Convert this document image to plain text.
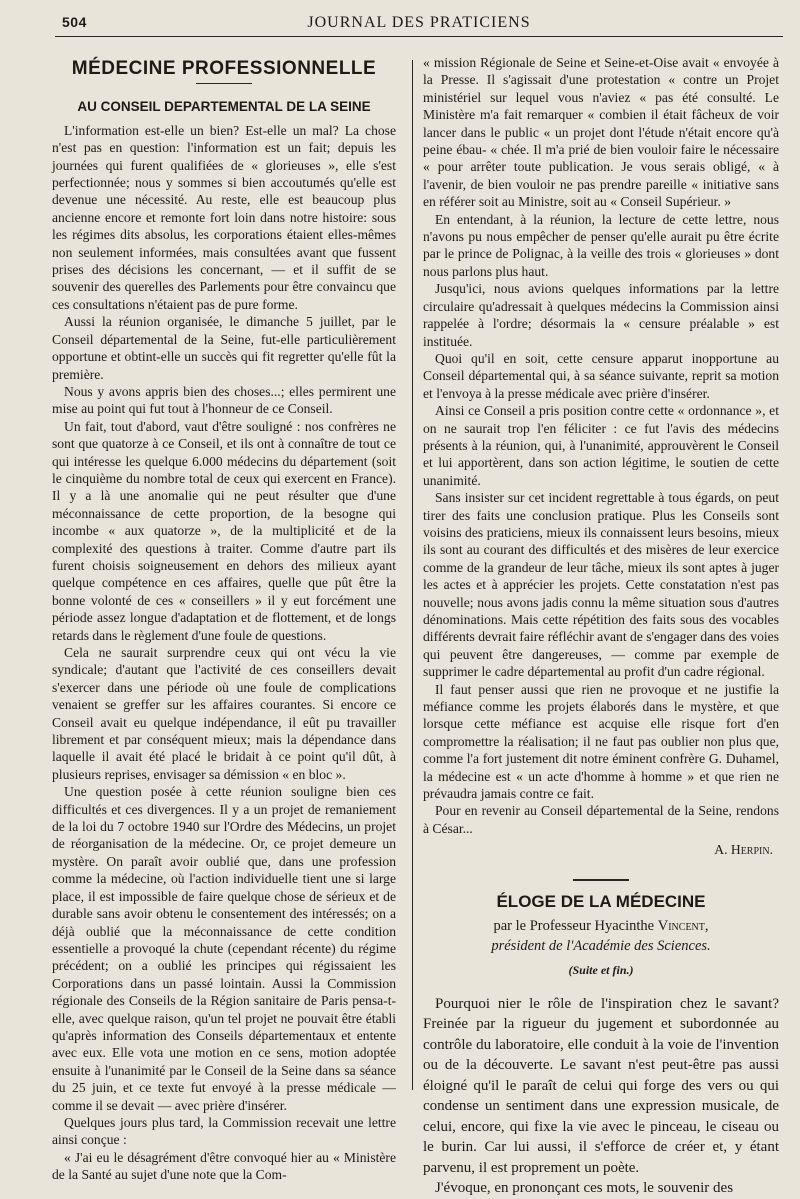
504	JOURNAL DES PRATICIENS
MÉDECINE PROFESSIONNELLE
AU CONSEIL DEPARTEMENTAL DE LA SEINE

L'information est-elle un bien? Est-elle un mal? La chose n'est pas en question: l'information est un fait; depuis les journées qui furent qualifiées de « glorieuses », elle s'est perfectionnée; nous y sommes si bien accoutumés qu'elle est devenue une nécessité. Au reste, elle est beaucoup plus ancienne encore et remonte fort loin dans notre histoire: sous les régimes dits absolus, les corporations étaient elles-mêmes non seulement informées, mais consultées avant que fussent prises des décisions les concernant, — et il suffit de se souvenir des querelles des Parlements pour être convaincu que ces consultations n'étaient pas de pure forme.

Aussi la réunion organisée, le dimanche 5 juillet, par le Conseil départemental de la Seine, fut-elle particulièrement opportune et obtint-elle un succès qui fit regretter qu'elle fût la première.

Nous y avons appris bien des choses...; elles permirent une mise au point qui fut tout à l'honneur de ce Conseil.

Un fait, tout d'abord, vaut d'être souligné : nos confrères ne sont que quatorze à ce Conseil, et ils ont à connaître de tout ce qui intéresse les quelque 6.000 médecins du département (soit le cinquième du nombre total de ceux qui exercent en France). Il y a là une anomalie qui ne peut résulter que d'une méconnaissance de cette proportion, de la besogne qui incombe « aux quatorze », de la multiplicité et de la complexité des questions à traiter. Comme d'autre part ils furent choisis soigneusement en dehors des milieux ayant quelque compétence en ces affaires, quelle que pût être la bonne volonté de ces « conseillers » il y eut forcément une période assez longue d'adaptation et de flottement, et de longs retards dans le règlement d'une foule de questions.

Cela ne saurait surprendre ceux qui ont vécu la vie syndicale; d'autant que l'activité de ces conseillers devait s'exercer dans une période où une foule de complications venaient se greffer sur les affaires courantes. Si encore ce Conseil avait eu quelque indépendance, il eût pu travailler librement et par conséquent mieux; mais la dépendance dans laquelle il avait été placé le bridait à ce point qu'il dût, à plusieurs reprises, envisager sa démission « en bloc ».

Une question posée à cette réunion souligne bien ces difficultés et ces divergences. Il y a un projet de remaniement de la loi du 7 octobre 1940 sur l'Ordre des Médecins, un projet de réorganisation de la médecine. Or, ce projet demeure un mystère. On paraît avoir oublié que, dans une profession comme la médecine, où l'action individuelle tient une si large place, il est impossible de faire quelque chose de sérieux et de durable sans avoir obtenu le consentement des intéressés; on a déjà oublié que la méconnaissance de cette condition essentielle a provoqué la chute (cependant récente) du régime précédent; on a oublié les principes qui régissaient les Corporations dans un passé lointain. Aussi la Commission régionale des Conseils de la Région sanitaire de Paris pensa-t-elle, avec quelque raison, qu'un tel projet ne pouvait être établi qu'après information des Conseils départementaux et entente avec eux. Elle vota une motion en ce sens, motion adoptée ensuite à l'unanimité par le Conseil de la Seine dans sa séance du 25 juin, et ce texte fut envoyé à la presse médicale — comme il se devait — avec prière d'insérer.

Quelques jours plus tard, la Commission recevait une lettre ainsi conçue :

« J'ai eu le désagrément d'être convoqué hier au « Ministère de la Santé au sujet d'une note que la Com-

« mission Régionale de Seine et Seine-et-Oise avait « envoyée à la Presse. Il s'agissait d'une protestation « contre un Projet ministériel sur lequel vous n'aviez « pas été consulté. Le Ministère m'a fait remarquer « combien il était fâcheux de voir lancer dans le public « un projet dont l'étude n'était encore qu'à peine ébau- « chée. Il m'a prié de bien vouloir faire le nécessaire « pour arrêter toute publication. Je vous serais obligé, « à l'avenir, de bien vouloir ne pas prendre pareille « initiative sans en référer soit au Ministre, soit au « Conseil Supérieur. »

En entendant, à la réunion, la lecture de cette lettre, nous n'avons pu nous empêcher de penser qu'elle aurait pu être écrite par le prince de Polignac, à la veille des trois « glorieuses » dont nous parlons plus haut.

Jusqu'ici, nous avions quelques informations par la lettre circulaire qu'adressait à quelques médecins la Commission ainsi rappelée à l'ordre; désormais la « censure préalable » est instituée.

Quoi qu'il en soit, cette censure apparut inopportune au Conseil départemental qui, à sa séance suivante, reprit sa motion et l'envoya à la presse médicale avec prière d'insérer.

Ainsi ce Conseil a pris position contre cette « ordonnance », et on ne saurait trop l'en féliciter : ce fut l'avis des médecins présents à la réunion, qui, à l'unanimité, approuvèrent le Conseil et lui apportèrent, dans son action légitime, le soutien de cette unanimité.

Sans insister sur cet incident regrettable à tous égards, on peut tirer des faits une conclusion pratique. Plus les Conseils sont voisins des praticiens, mieux ils connaissent leurs besoins, mieux ils sont au courant des difficultés et des misères de leur exercice comme de la grandeur de leur tâche, mieux ils sont aptes à juger les actes et à apprécier les projets. Cette constatation n'est pas nouvelle; nous avons jadis connu la même situation sous d'autres dénominations. Mais cette répétition des faits sous des vocables différents devrait faire réfléchir avant de s'engager dans des voies qui peuvent être dangereuses, — comme par exemple de supprimer le cadre départemental au profit d'un cadre régional.

Il faut penser aussi que rien ne provoque et ne justifie la méfiance comme les projets élaborés dans le mystère, et que lorsque cette méfiance est acquise elle risque fort d'en compromettre la réalisation; il ne faut pas oublier non plus que, comme l'a fort justement dit notre éminent confrère G. Duhamel, la médecine est « un acte d'homme à homme » et que rien ne prévaudra jamais contre ce fait.

Pour en revenir au Conseil départemental de la Seine, rendons à César...

A. Herpin.
ÉLOGE DE LA MÉDECINE
par le Professeur Hyacinthe Vincent,
président de l'Académie des Sciences.
(Suite et fin.)

Pourquoi nier le rôle de l'inspiration chez le savant? Freinée par la rigueur du jugement et subordonnée au contrôle du laboratoire, elle conduit à la voie de l'invention ou de la découverte. Le savant n'est peut-être pas aussi éloigné qu'il le paraît de celui qui forge des vers ou qui condense un sentiment dans une expression musicale, de celui, encore, qui fixe la vie avec le pinceau, le ciseau ou le burin. Car lui aussi, il s'efforce de créer et, y étant parvenu, il est proprement un poète.

J'évoque, en prononçant ces mots, le souvenir des
